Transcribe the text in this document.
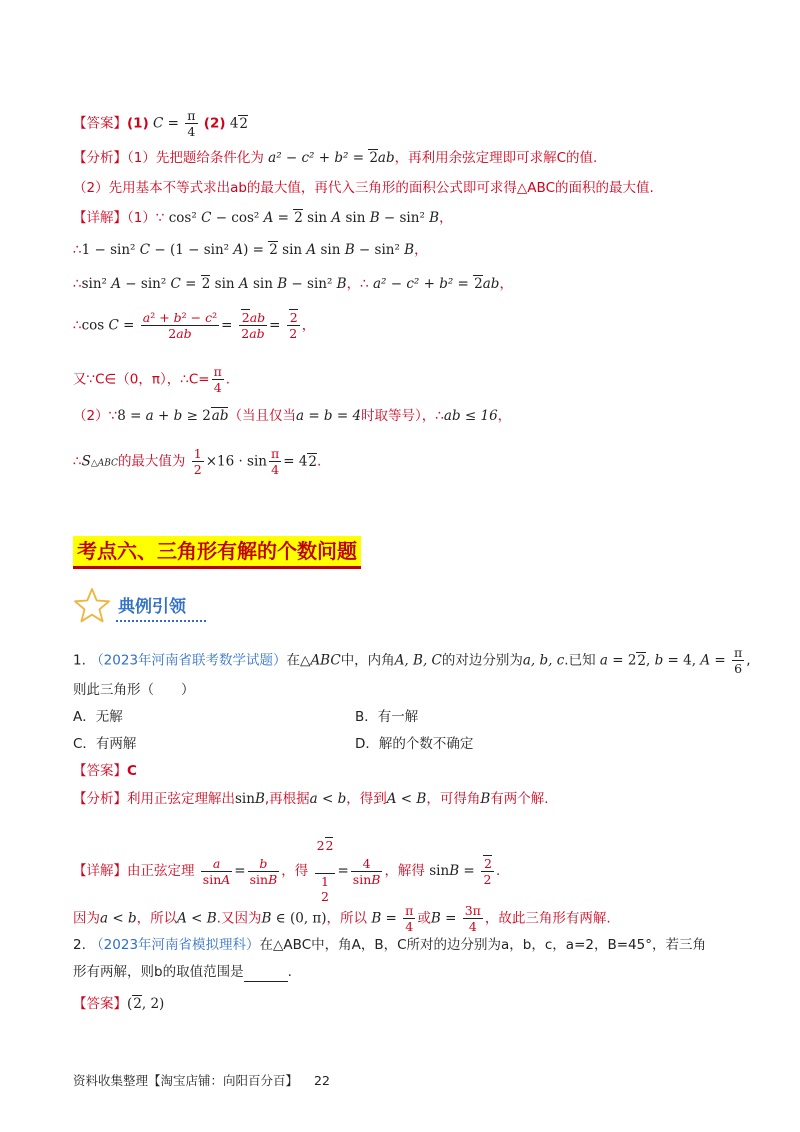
【答案】(1) $C = \frac{\pi}{4} (2)$ 42
【分析】（1）先把题给条件化为 a² − c² + b² = 2ab，再利用余弦定理即可求解C的值.
（2）先用基本不等式求出ab的最大值，再代入三角形的面积公式即可求得△ABC的面积的最大值.
【详解】（1）∵ cos² C − cos² A = 2 sin A sin B − sin² B，
∴1 − sin² C − (1 − sin² A) = 2 sin A sin B − sin² B，
∴sin² A − sin² C = 2 sin A sin B − sin² B，∴ a² − c² + b² = 2ab，
∴cos $C = \frac{\text{a² + b² − c²}}{2ab} = \frac{2ab}{2ab} = \frac{2}{2}$ ，
又∵C∈（0，π），∴C= $\frac{\pi}{4}$ .
（2）∵8 = a + b ≥ 2ab（当且仅当a = b = 4时取等号），∴ab ≤ 16，
∴S△ABC的最大值为 $\frac{1}{2} \times 16 \cdot \sin \frac{\pi}{4} = 42$.
考点六、三角形有解的个数问题
典例引领
1. （2023年河南省联考数学试题）在△ABC中，内角A, B, C的对边分别为a, b, c.已知 a = 22, b = 4, $A = \frac{\pi}{6}$ ,
则此三角形（　　）
A．无解	B．有一解
C．有两解	D．解的个数不确定
【答案】C
【分析】利用正弦定理解出sinB,再根据a < b，得到A < B，可得角B有两个解.
【详解】由正弦定理 $\frac{a}{\sin A} = \frac{b}{\sin B}$ ，得
22

1
2
= $\frac{4}{\sin B}$ ，解得 $\sin B = \frac{2}{2}$ .
因为a < b，所以A < B.又因为B ∈ (0, π)，所以 $B = \frac{\pi}{4}$ 或$B = \frac{3\pi}{4}$ ，故此三角形有两解.
2. （2023年河南省模拟理科）在△ABC中，角A，B，C所对的边分别为a，b，c，a=2，B=45°，若三角
形有两解，则b的取值范围是	.
【答案】(2, 2)
资料收集整理【淘宝店铺：向阳百分百】 22
